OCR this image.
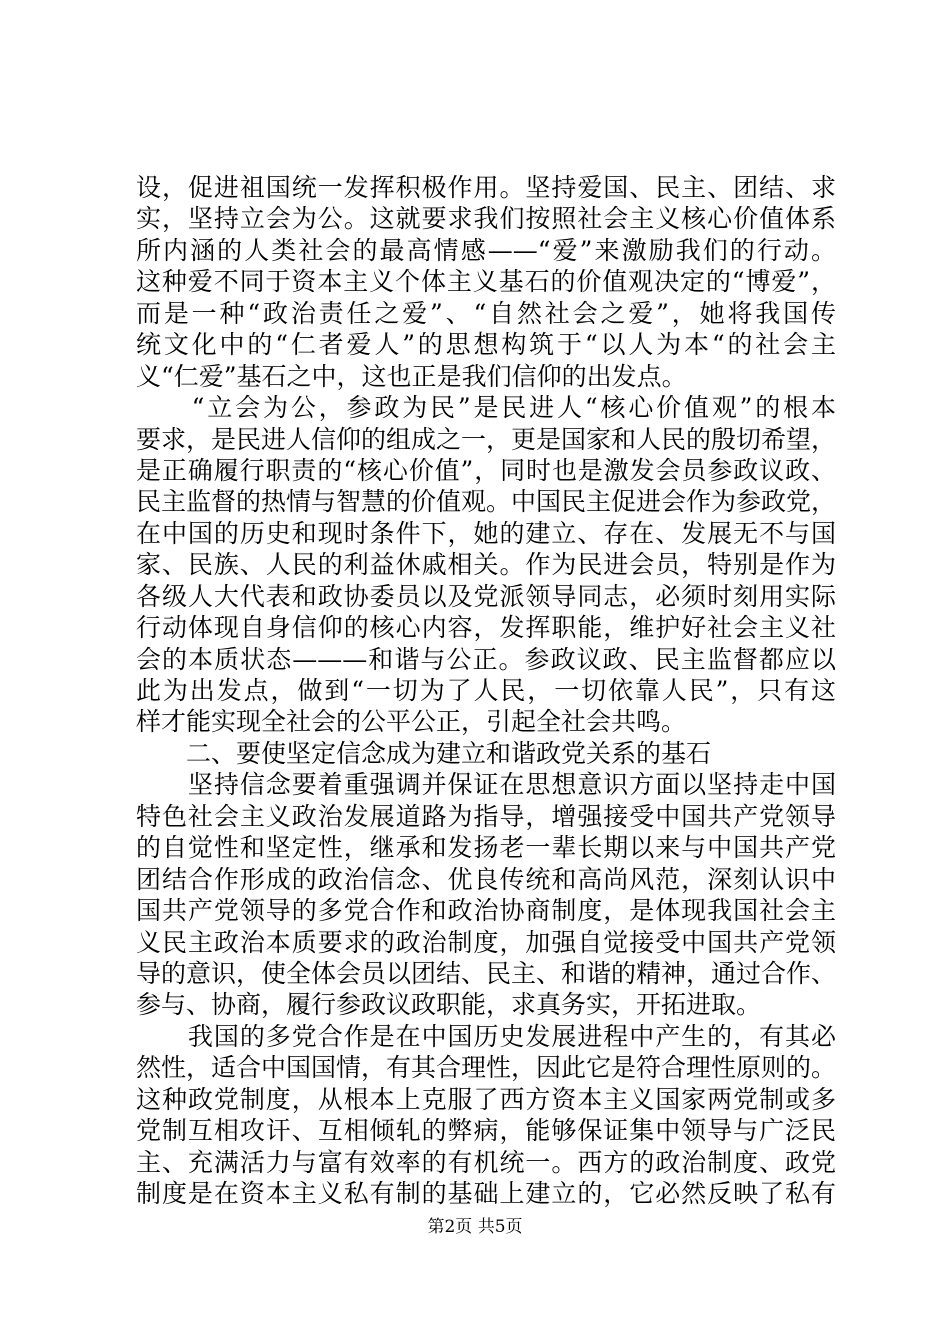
设，促进祖国统一发挥积极作用。坚持爱国、民主、团结、求
实，坚持立会为公。这就要求我们按照社会主义核心价值体系
所内涵的人类社会的最高情感——“爱”来激励我们的行动。
这种爱不同于资本主义个体主义基石的价值观决定的“博爱”，
而是一种“政治责任之爱”、“自然社会之爱”，她将我国传
统文化中的“仁者爱人”的思想构筑于“以人为本“的社会主
义“仁爱”基石之中，这也正是我们信仰的出发点。
　　“立会为公，参政为民”是民进人“核心价值观”的根本
要求，是民进人信仰的组成之一，更是国家和人民的殷切希望，
是正确履行职责的“核心价值”，同时也是激发会员参政议政、
民主监督的热情与智慧的价值观。中国民主促进会作为参政党，
在中国的历史和现时条件下，她的建立、存在、发展无不与国
家、民族、人民的利益休戚相关。作为民进会员，特别是作为
各级人大代表和政协委员以及党派领导同志，必须时刻用实际
行动体现自身信仰的核心内容，发挥职能，维护好社会主义社
会的本质状态———和谐与公正。参政议政、民主监督都应以
此为出发点，做到“一切为了人民，一切依靠人民”，只有这
样才能实现全社会的公平公正，引起全社会共鸣。
　　二、要使坚定信念成为建立和谐政党关系的基石
　　坚持信念要着重强调并保证在思想意识方面以坚持走中国
特色社会主义政治发展道路为指导，增强接受中国共产党领导
的自觉性和坚定性，继承和发扬老一辈长期以来与中国共产党
团结合作形成的政治信念、优良传统和高尚风范，深刻认识中
国共产党领导的多党合作和政治协商制度，是体现我国社会主
义民主政治本质要求的政治制度，加强自觉接受中国共产党领
导的意识，使全体会员以团结、民主、和谐的精神，通过合作、
参与、协商，履行参政议政职能，求真务实，开拓进取。
　　我国的多党合作是在中国历史发展进程中产生的，有其必
然性，适合中国国情，有其合理性，因此它是符合理性原则的。
这种政党制度，从根本上克服了西方资本主义国家两党制或多
党制互相攻讦、互相倾轧的弊病，能够保证集中领导与广泛民
主、充满活力与富有效率的有机统一。西方的政治制度、政党
制度是在资本主义私有制的基础上建立的，它必然反映了私有
第2页 共5页
